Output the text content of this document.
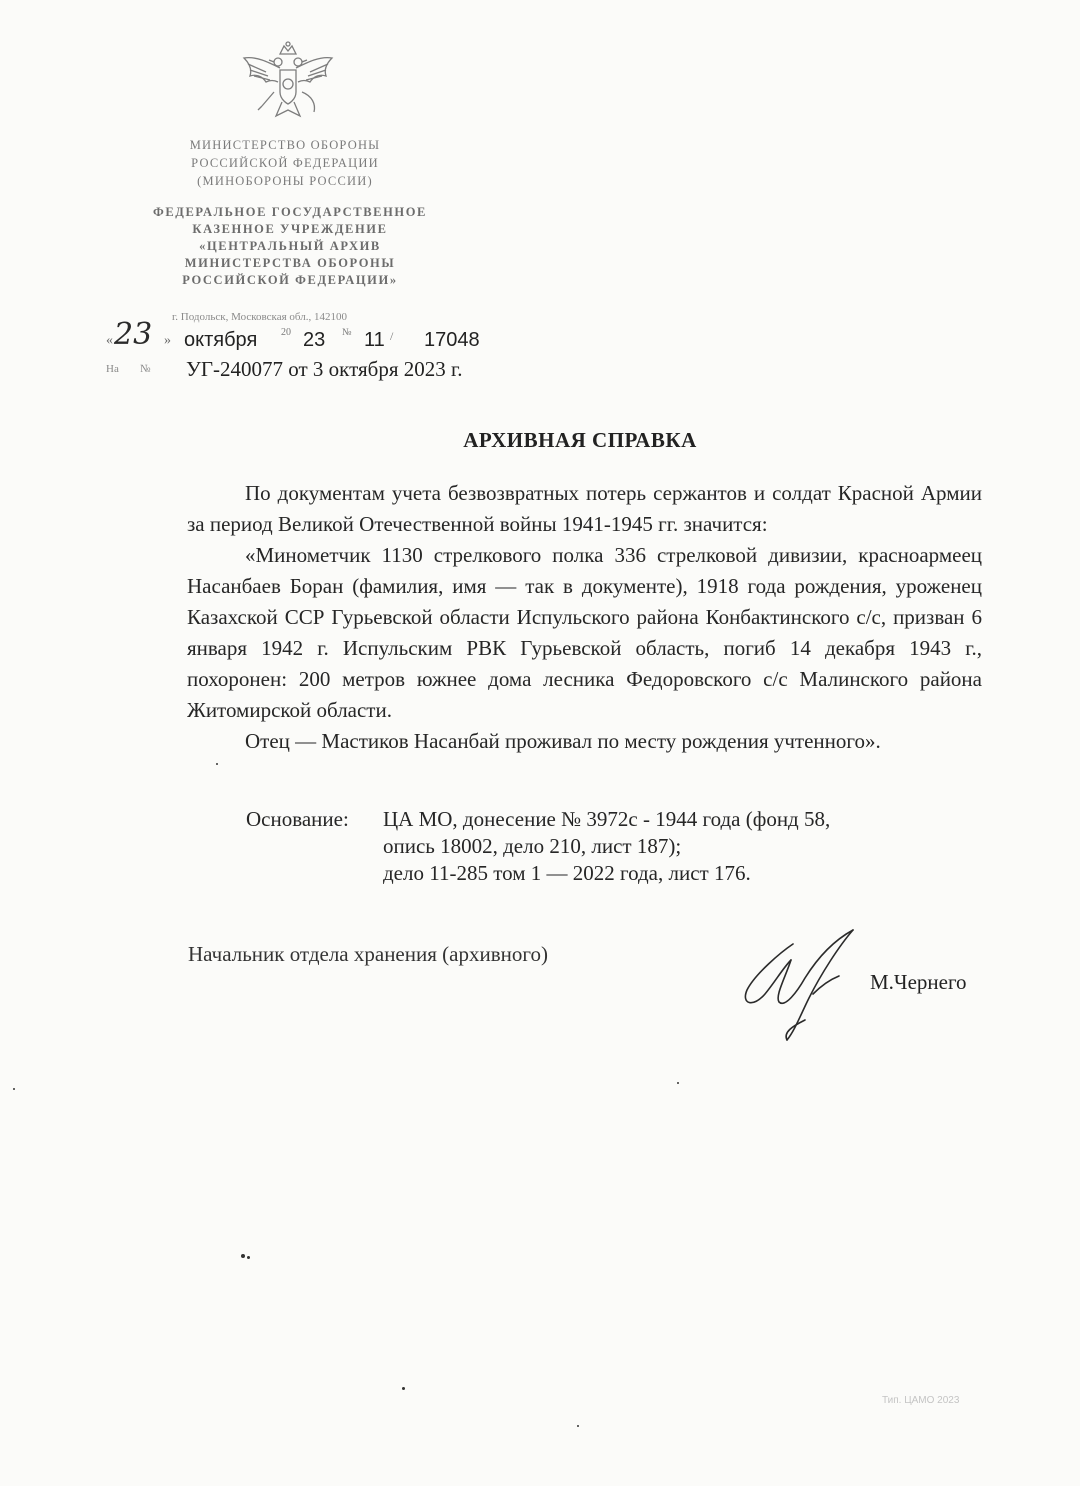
МИНИСТЕРСТВО ОБОРОНЫ
РОССИЙСКОЙ ФЕДЕРАЦИИ
(МИНОБОРОНЫ РОССИИ)
ФЕДЕРАЛЬНОЕ ГОСУДАРСТВЕННОЕ
КАЗЕННОЕ УЧРЕЖДЕНИЕ
«ЦЕНТРАЛЬНЫЙ АРХИВ
МИНИСТЕРСТВА ОБОРОНЫ
РОССИЙСКОЙ ФЕДЕРАЦИИ»
г. Подольск, Московская обл., 142100
« 23 » октября 20 23 № 11 / 17048
На № УГ-240077 от 3 октября 2023 г.
АРХИВНАЯ СПРАВКА

По документам учета безвозвратных потерь сержантов и солдат Красной Армии за период Великой Отечественной войны 1941-1945 гг. значится:

«Минометчик 1130 стрелкового полка 336 стрелковой дивизии, красноармеец Насанбаев Боран (фамилия, имя — так в документе), 1918 года рождения, уроженец Казахской ССР Гурьевской области Испульского района Конбактинского с/с, призван 6 января 1942 г. Испульским РВК Гурьевской область, погиб 14 декабря 1943 г., похоронен: 200 метров южнее дома лесника Федоровского с/с Малинского района Житомирской области.

Отец — Мастиков Насанбай проживал по месту рождения учтенного».

Основание: ЦА МО, донесение № 3972с - 1944 года (фонд 58,
опись 18002, дело 210, лист 187);
дело 11-285 том 1 — 2022 года, лист 176.
Начальник отдела хранения (архивного)
М.Чернего
Тип. ЦАМО 2023
